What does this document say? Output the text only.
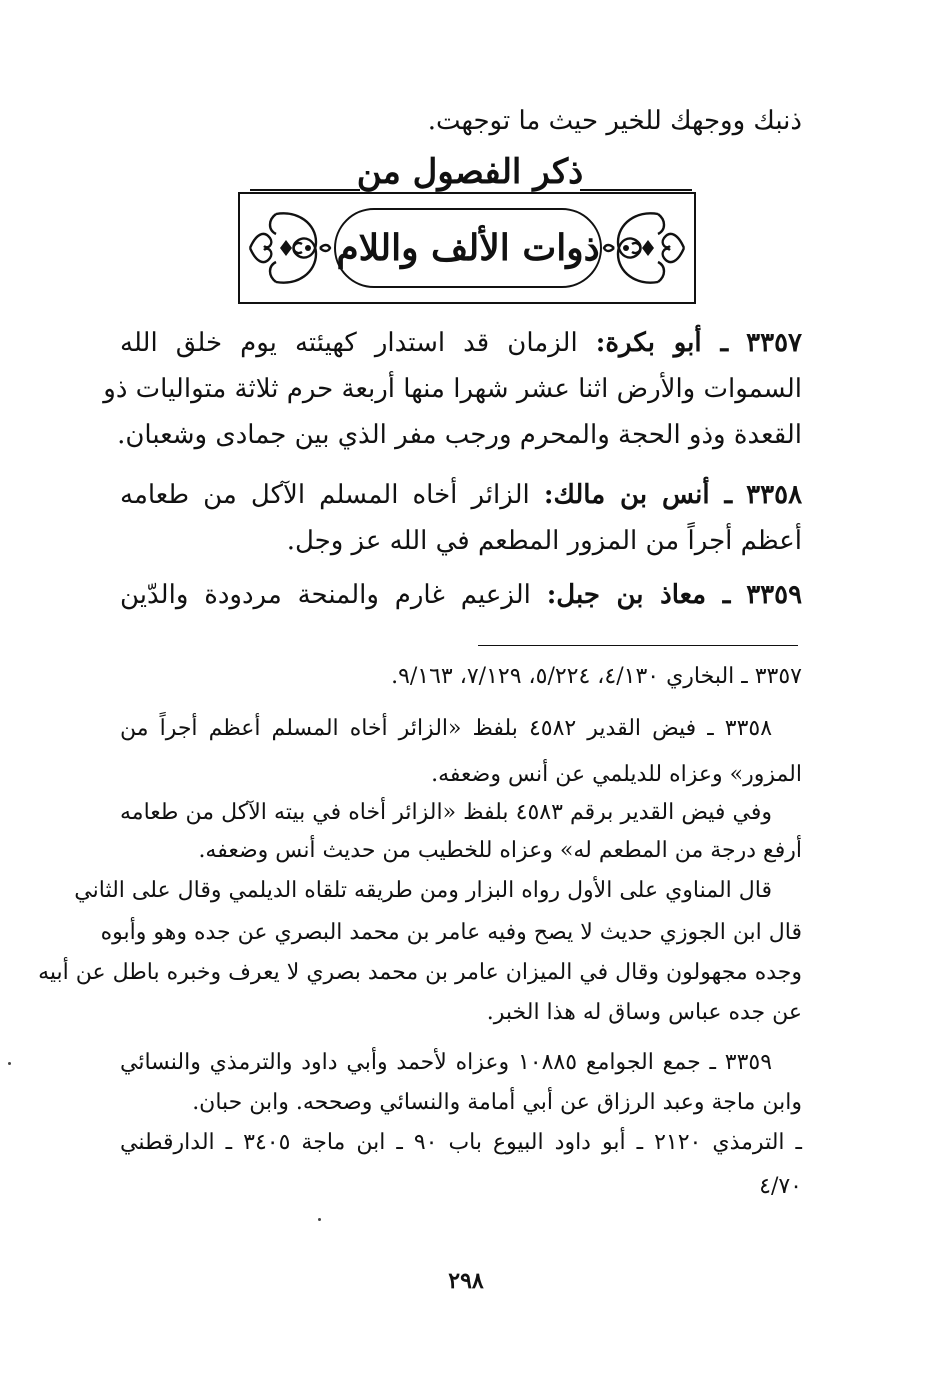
ذنبك ووجهك للخير حيث ما توجهت.
ذكر الفصول من
ذوات الألف واللام
٣٣٥٧ ـ أبو بكرة: الزمان قد استدار كهيئته يوم خلق الله
السموات والأرض اثنا عشر شهرا منها أربعة حرم ثلاثة متواليات ذو
القعدة وذو الحجة والمحرم ورجب مفر الذي بين جمادى وشعبان.
٣٣٥٨ ـ أنس بن مالك: الزائر أخاه المسلم الآكل من طعامه
أعظم أجراً من المزور المطعم في الله عز وجل.
٣٣٥٩ ـ معاذ بن جبل: الزعيم غارم والمنحة مردودة والدّين
٣٣٥٧ ـ البخاري ٤/١٣٠، ٥/٢٢٤، ٧/١٢٩، ٩/١٦٣.
٣٣٥٨ ـ فيض القدير ٤٥٨٢ بلفظ «الزائر أخاه المسلم أعظم أجراً من
المزور» وعزاه للديلمي عن أنس وضعفه.
وفي فيض القدير برقم ٤٥٨٣ بلفظ «الزائر أخاه في بيته الآكل من طعامه
أرفع درجة من المطعم له» وعزاه للخطيب من حديث أنس وضعفه.
قال المناوي على الأول رواه البزار ومن طريقه تلقاه الديلمي وقال على الثاني
قال ابن الجوزي حديث لا يصح وفيه عامر بن محمد البصري عن جده وهو وأبوه
وجده مجهولون وقال في الميزان عامر بن محمد بصري لا يعرف وخبره باطل عن أبيه
عن جده عباس وساق له هذا الخبر.
٣٣٥٩ ـ جمع الجوامع ١٠٨٨٥ وعزاه لأحمد وأبي داود والترمذي والنسائي
وابن ماجة وعبد الرزاق عن أبي أمامة والنسائي وصححه. وابن حبان.
ـ الترمذي ٢١٢٠ ـ أبو داود البيوع باب ٩٠ ـ ابن ماجة ٣٤٠٥ ـ الدارقطني
٤/٧٠
٢٩٨
